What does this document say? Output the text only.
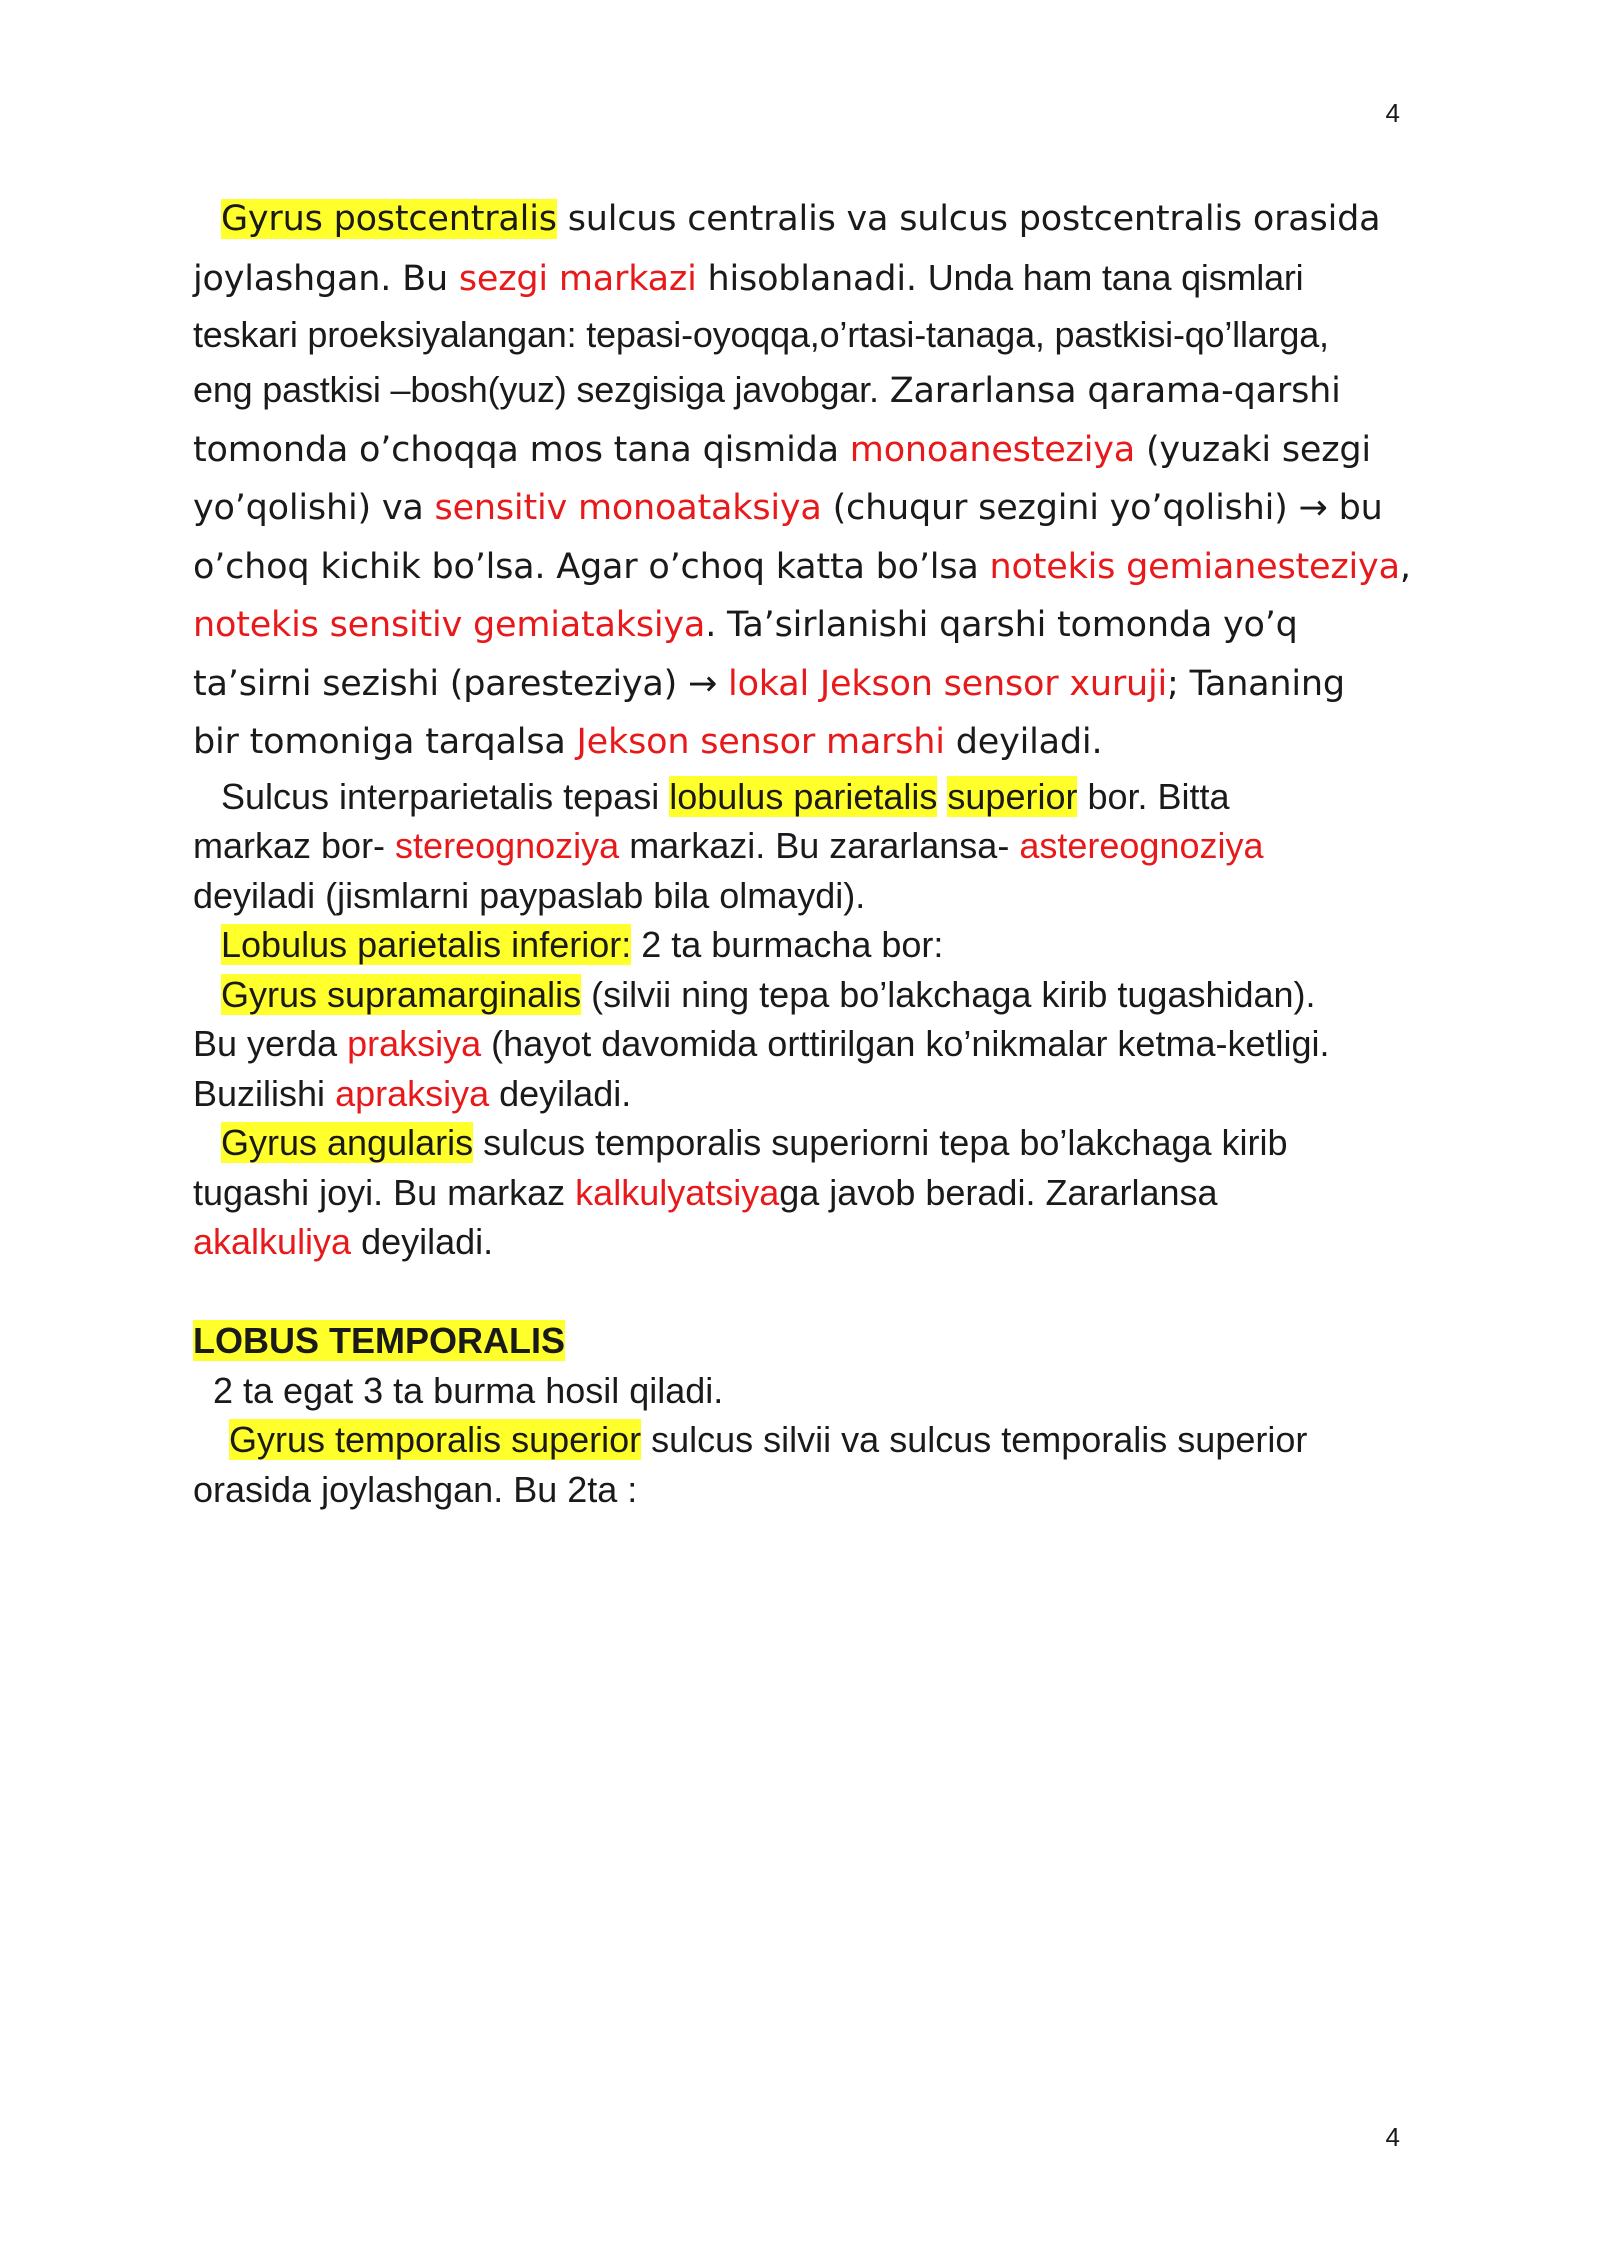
4

Gyrus postcentralis sulcus centralis va sulcus postcentralis orasida

joylashgan. Bu sezgi markazi hisoblanadi. Unda ham tana qismlari

teskari proeksiyalangan: tepasi-oyoqqa,o’rtasi-tanaga, pastkisi-qo’llarga,

eng pastkisi –bosh(yuz) sezgisiga javobgar. Zararlansa qarama-qarshi

tomonda o’choqqa mos tana qismida monoanesteziya (yuzaki sezgi

yo’qolishi) va sensitiv monoataksiya (chuqur sezgini yo’qolishi) → bu

o’choq kichik bo’lsa. Agar o’choq katta bo’lsa notekis gemianesteziya,

notekis sensitiv gemiataksiya. Ta’sirlanishi qarshi tomonda yo’q

ta’sirni sezishi (paresteziya) → lokal Jekson sensor xuruji; Tananing

bir tomoniga tarqalsa Jekson sensor marshi deyiladi.

Sulcus interparietalis tepasi lobulus parietalis superior bor. Bitta

markaz bor- stereognoziya markazi. Bu zararlansa- astereognoziya

deyiladi (jismlarni paypaslab bila olmaydi).

Lobulus parietalis inferior: 2 ta burmacha bor:

Gyrus supramarginalis (silvii ning tepa bo’lakchaga kirib tugashidan).

Bu yerda praksiya (hayot davomida orttirilgan ko’nikmalar ketma-ketligi.

Buzilishi apraksiya deyiladi.

Gyrus angularis sulcus temporalis superiorni tepa bo’lakchaga kirib

tugashi joyi. Bu markaz kalkulyatsiyaga javob beradi. Zararlansa

akalkuliya deyiladi.

LOBUS TEMPORALIS

2 ta egat 3 ta burma hosil qiladi.

Gyrus temporalis superior sulcus silvii va sulcus temporalis superior

orasida joylashgan. Bu 2ta :

4
